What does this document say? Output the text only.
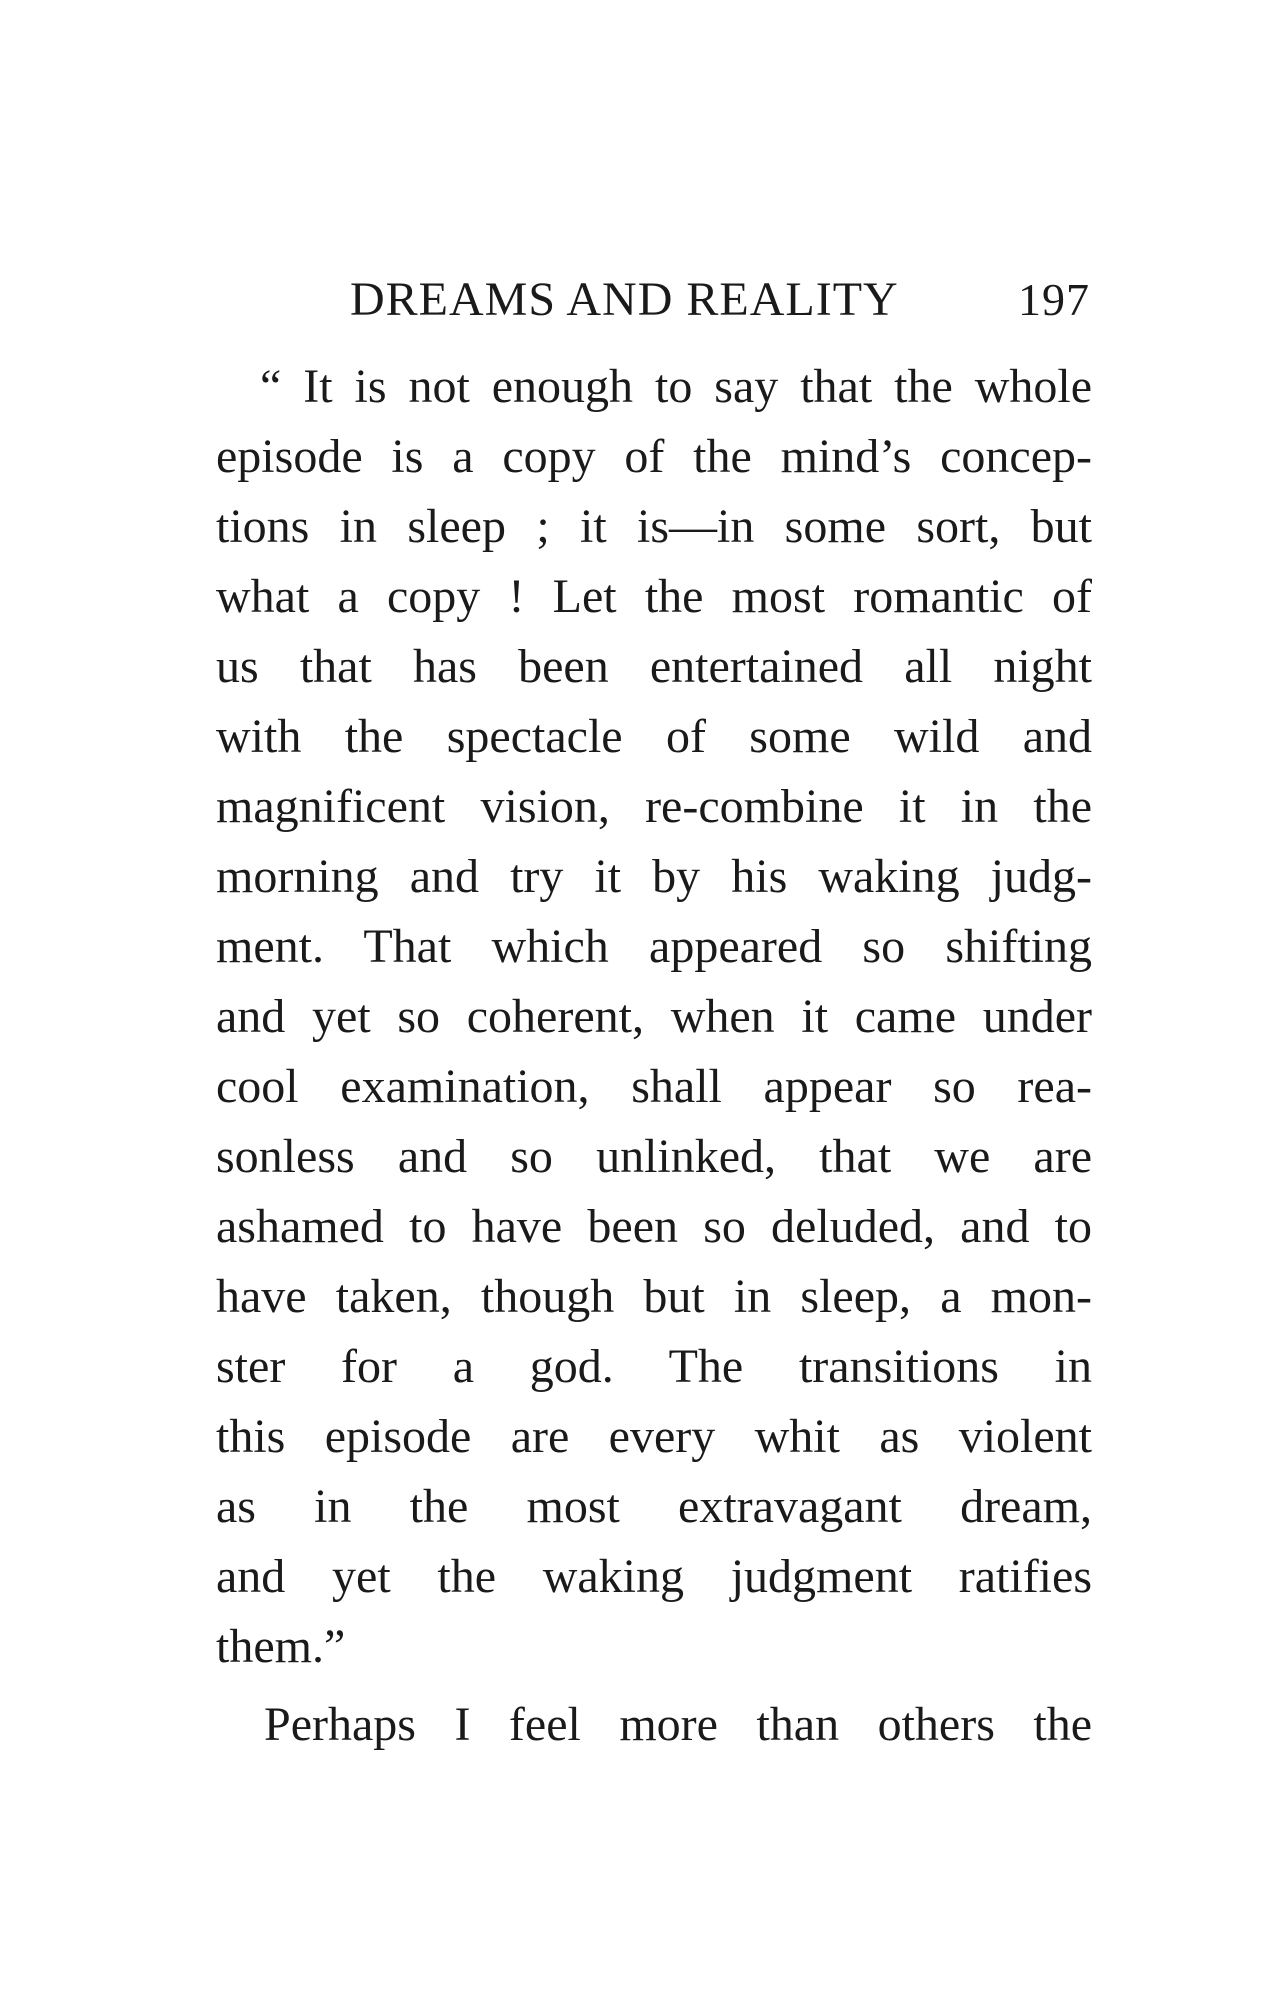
DREAMS AND REALITY	197
“ It is not enough to say that the whole
episode is a copy of the mind’s concep-
tions in sleep ; it is—in some sort, but
what a copy ! Let the most romantic of
us that has been entertained all night
with the spectacle of some wild and
magnificent vision, re-combine it in the
morning and try it by his waking judg-
ment. That which appeared so shifting
and yet so coherent, when it came under
cool examination, shall appear so rea-
sonless and so unlinked, that we are
ashamed to have been so deluded, and to
have taken, though but in sleep, a mon-
ster for a god. The transitions in
this episode are every whit as violent
as in the most extravagant dream,
and yet the waking judgment ratifies
them.”
Perhaps I feel more than others the
